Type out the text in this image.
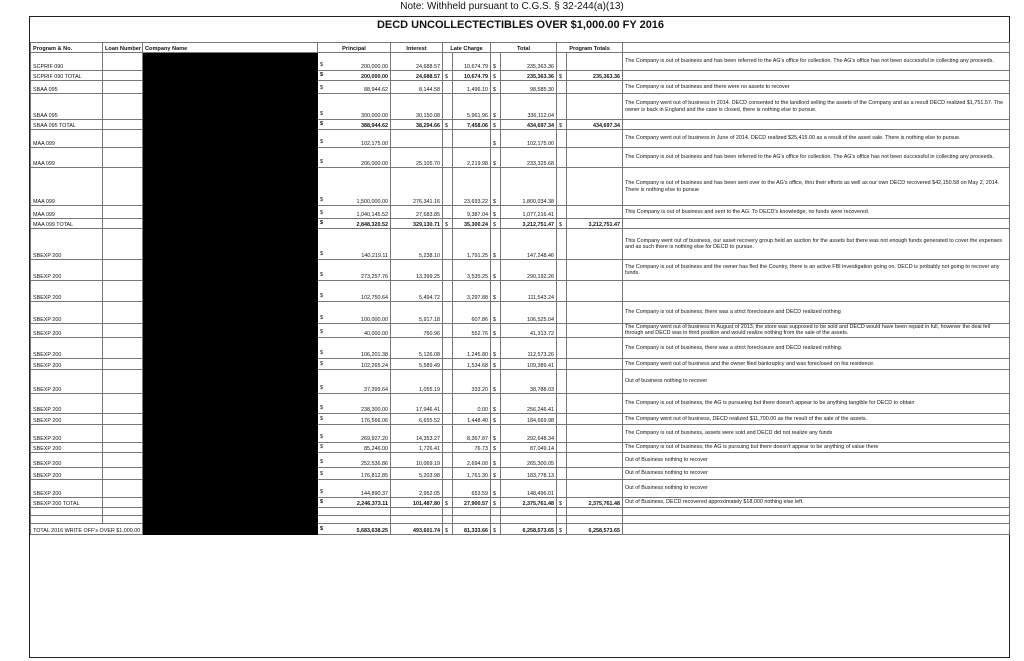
Note: Withheld pursuant to C.G.S. § 32-244(a)(13)
DECD UNCOLLECTECTIBLES OVER $1,000.00 FY 2016
Program & No.	Loan Number	Company Name	Principal	Interest	Late Charge		Total		Program Totals		
SCPRIF 090			$ 200,000.00	24,688.57		10,674.79	$	235,363.36			The Company is out of business and has been referred to the AG's office for collection. The AG's office has not been successful in collecting any proceeds.
SCPRIF 090 TOTAL			$ 200,000.00	24,688.57	$	10,674.79	$	235,363.36	$	235,363.36	
SBAA 095			$ 88,944.62	8,144.58		1,496.10	$	98,585.30			The Company is out of business and there were no assets to recover
SBAA 095			$ 300,000.00	30,150.08		5,961.96	$	336,112.04			The Company went out of business in 2014. DECD consented to the landlord selling the assets of the Company and as a result DECD realized $1,751.57. The owner is back in England and the case is closed, there is nothing else to pursue.
SBAA 095 TOTAL			$ 388,944.62	38,294.66	$	7,458.06	$	434,697.34	$	434,697.34	
MAA 099			$ 102,175.00				$	102,175.00			The Company went out of business in June of 2014. DECD realized $25,415.00 as a result of the asset sale. There is nothing else to pursue.
MAA 099			$ 206,000.00	25,105.70		2,219.98	$	233,325.68			The Company is out of business and has been referred to the AG's office for collection. The AG's office has not been successful in collecting any proceeds.
MAA 099			$ 1,500,000.00	276,341.16		23,693.22	$	1,800,034.38			The Company is out of business and has been sent over to the AG's office, thru their efforts as well as our own DECD recovered $42,150.58 on May 2, 2014. There is nothing else to pursue
MAA 099			$ 1,040,145.52	27,683.85		9,387.04	$	1,077,216.41			This Company is out of business and sent to the AG. To DECD's knowledge, no funds were recovered.
MAA 099 TOTAL			$ 2,848,320.52	329,130.71	$	35,300.24	$	3,212,751.47	$	3,212,751.47	
SBEXP 200			$ 140,219.11	5,238.10		1,791.25	$	147,248.46			This Company went out of business, our asset recovery group held an auction for the assets but there was not enough funds generated to cover the expenses and as such there is nothing else for DECD to pursue.
SBEXP 200			$ 273,257.76	13,399.25		3,535.25	$	290,192.26			The Company is out of business and the owner has fled the Country, there is an active FBI investigation going on. DECD is probably not going to recover any funds.
SBEXP 200			$ 102,750.64	5,494.72		3,297.88	$	111,543.24			
SBEXP 200			$ 100,000.00	5,917.18		607.86	$	106,525.04			The Company is out of business, there was a strict foreclosure and DECD realized nothing
SBEXP 200			$ 40,000.00	760.96		552.76	$	41,313.72			The Company went out of business in August of 2013, the store was supposed to be sold and DECD would have been repaid in full, however the deal fell through and DECD was in third position and would realize nothing from the sale of the assets.
SBEXP 200			$ 106,201.38	5,126.08		1,245.80	$	112,573.26			The Company is out of business, there was a strict foreclosure and DECD realized nothing.
SBEXP 200			$ 102,265.24	5,589.49		1,534.68	$	109,389.41			The Company went out of business and the owner filed bankruptcy and was foreclosed on his residence.
SBEXP 200			$ 37,399.64	1,055.19		333.20	$	38,788.03			Out of business nothing to recover
SBEXP 200			$ 238,300.00	17,946.41		0.00	$	256,246.41			The Company is out of business, the AG is pursueing but there doesn't appear to be anything tangible for DECD to obtain
SBEXP 200			$ 176,566.06	6,655.52		1,448.40	$	184,669.98			The Company went out of business, DECD realized $11,700.00 as the result of the sale of the assets.
SBEXP 200			$ 269,927.20	14,353.27		8,367.87	$	292,648.34			The Company is out of business, assets were sold and DECD did not realize any funds
SBEXP 200			$ 85,246.00	1,726.41		76.73	$	87,049.14			The Company is out of business, the AG is pursuing but there doesn't appear to be anything of value there
SBEXP 200			$ 252,536.86	10,069.19		2,694.00	$	265,300.05			Out of Business nothing to recover
SBEXP 200			$ 176,812.85	5,203.98		1,761.30	$	183,778.13			Out of Business nothing to recover
SBEXP 200			$ 144,890.37	2,952.05		653.59	$	148,496.01			Out of Business nothing to recover
SBEXP 200 TOTAL			$ 2,246,373.11	101,487.80	$	27,900.57	$	2,375,761.48	$	2,375,761.48	Out of Business, DECD recovered approximately $18,000 nothing else left.

TOTAL 2016 WRITE OFF's OVER $1,000.00			$ 5,683,638.25	493,601.74	$	81,333.66	$	6,258,573.65	$	6,258,573.65	
